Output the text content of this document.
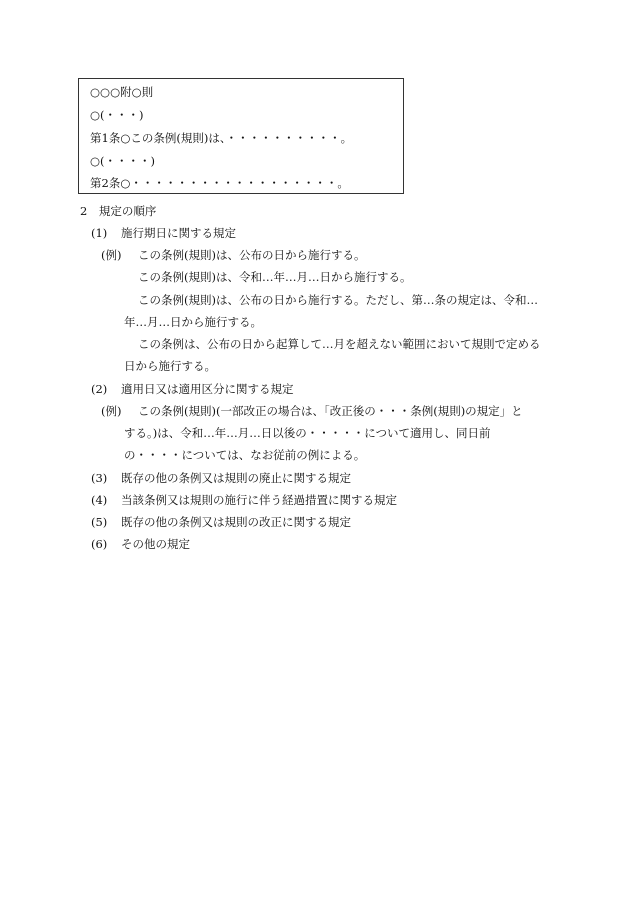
○○○附○則
○(・・・)
第1条○この条例(規則)は、・・・・・・・・・・。
○(・・・・)
第2条○・・・・・・・・・・・・・・・・・・。
2　規定の順序
(1) 施行期日に関する規定
(例) この条例(規則)は、公布の日から施行する。
この条例(規則)は、令和…年…月…日から施行する。
この条例(規則)は、公布の日から施行する。ただし、第…条の規定は、令和…
年…月…日から施行する。
この条例は、公布の日から起算して…月を超えない範囲において規則で定める
日から施行する。
(2) 適用日又は適用区分に関する規定
(例) この条例(規則)(一部改正の場合は、「改正後の・・・条例(規則)の規定」と
する。)は、令和…年…月…日以後の・・・・・について適用し、同日前
の・・・・については、なお従前の例による。
(3) 既存の他の条例又は規則の廃止に関する規定
(4) 当該条例又は規則の施行に伴う経過措置に関する規定
(5) 既存の他の条例又は規則の改正に関する規定
(6) その他の規定
